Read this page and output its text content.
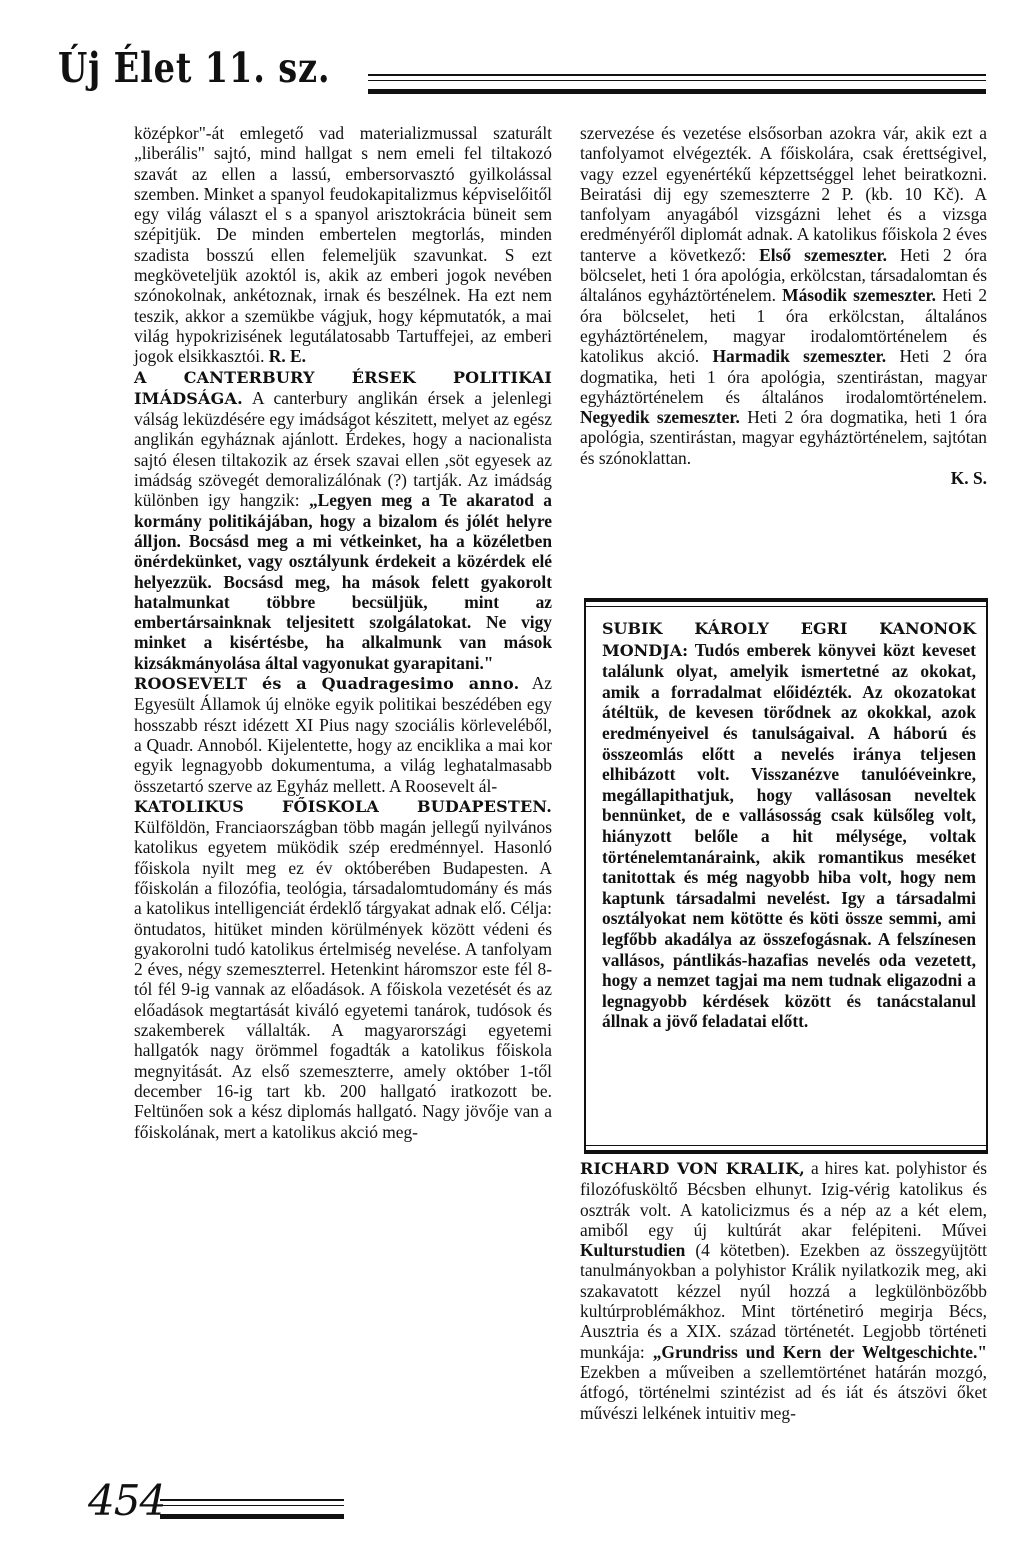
Új Élet 11. sz.

középkor"-át emlegető vad materializmussal szaturált „liberális" sajtó, mind hallgat s nem emeli fel tiltakozó szavát az ellen a lassú, embersorvasztó gyilkolással szemben. Minket a spanyol feudokapitalizmus képviselőitől egy világ választ el s a spanyol arisztokrácia büneit sem szépitjük. De minden embertelen megtorlás, minden szadista bosszú ellen felemeljük szavunkat. S ezt megköveteljük azoktól is, akik az emberi jogok nevében szónokolnak, ankétoznak, irnak és beszélnek. Ha ezt nem teszik, akkor a szemükbe vágjuk, hogy képmutatók, a mai világ hypokrizisének legutálatosabb Tartuffejei, az emberi jogok elsikkasztói. R. E.

A CANTERBURY ÉRSEK POLITIKAI IMÁDSÁGA. A canterbury anglikán érsek a jelenlegi válság leküzdésére egy imádságot készitett, melyet az egész anglikán egyháznak ajánlott. Érdekes, hogy a nacionalista sajtó élesen tiltakozik az érsek szavai ellen ,söt egyesek az imádság szövegét demoralizálónak (?) tartják. Az imádság különben igy hangzik: „Legyen meg a Te akaratod a kormány politikájában, hogy a bizalom és jólét helyre álljon. Bocsásd meg a mi vétkeinket, ha a közéletben önérdekünket, vagy osztályunk érdekeit a közérdek elé helyezzük. Bocsásd meg, ha mások felett gyakorolt hatalmunkat többre becsüljük, mint az embertársainknak teljesitett szolgálatokat. Ne vigy minket a kisértésbe, ha alkalmunk van mások kizsákmányolása által vagyonukat gyarapitani."

ROOSEVELT és a Quadragesimo anno. Az Egyesült Államok új elnöke egyik politikai beszédében egy hosszabb részt idézett XI Pius nagy szociális körleveléből, a Quadr. Annoból. Kijelentette, hogy az enciklika a mai kor egyik legnagyobb dokumentuma, a világ leghatalmasabb összetartó szerve az Egyház mellett. A Roosevelt ál-

KATOLIKUS FŐISKOLA BUDAPESTEN. Külföldön, Franciaországban több magán jellegű nyilvános katolikus egyetem müködik szép eredménnyel. Hasonló főiskola nyilt meg ez év októberében Budapesten. A főiskolán a filozófia, teológia, társadalomtudomány és más a katolikus intelligenciát érdeklő tárgyakat adnak elő. Célja: öntudatos, hitüket minden körülmények között védeni és gyakorolni tudó katolikus értelmiség nevelése. A tanfolyam 2 éves, négy szemeszterrel. Hetenkint háromszor este fél 8-tól fél 9-ig vannak az előadások. A főiskola vezetését és az előadások megtartását kiváló egyetemi tanárok, tudósok és szakemberek vállalták. A magyarországi egyetemi hallgatók nagy örömmel fogadták a katolikus főiskola megnyitását. Az első szemeszterre, amely október 1-től december 16-ig tart kb. 200 hallgató iratkozott be. Feltünően sok a kész diplomás hallgató. Nagy jövője van a főiskolának, mert a katolikus akció meg-

szervezése és vezetése elsősorban azokra vár, akik ezt a tanfolyamot elvégezték. A főiskolára, csak érettségivel, vagy ezzel egyenértékű képzettséggel lehet beiratkozni. Beiratási dij egy szemeszterre 2 P. (kb. 10 Kč). A tanfolyam anyagából vizsgázni lehet és a vizsga eredményéről diplomát adnak. A katolikus főiskola 2 éves tanterve a következő: Első szemeszter. Heti 2 óra bölcselet, heti 1 óra apológia, erkölcstan, társadalomtan és általános egyháztörténelem. Második szemeszter. Heti 2 óra bölcselet, heti 1 óra erkölcstan, általános egyháztörténelem, magyar irodalomtörténelem és katolikus akció. Harmadik szemeszter. Heti 2 óra dogmatika, heti 1 óra apológia, szentirástan, magyar egyháztörténelem és általános irodalomtörténelem. Negyedik szemeszter. Heti 2 óra dogmatika, heti 1 óra apológia, szentirástan, magyar egyháztörténelem, sajtótan és szónoklattan.

K. S.

SUBIK KÁROLY EGRI KANONOK MONDJA: Tudós emberek könyvei közt keveset találunk olyat, amelyik ismertetné az okokat, amik a forradalmat előidézték. Az okozatokat átéltük, de kevesen törődnek az okokkal, azok eredményeivel és tanulságaival. A háború és összeomlás előtt a nevelés iránya teljesen elhibázott volt. Visszanézve tanulóéveinkre, megállapithatjuk, hogy vallásosan neveltek bennünket, de e vallásosság csak külsőleg volt, hiányzott belőle a hit mélysége, voltak történelemtanáraink, akik romantikus meséket tanitottak és még nagyobb hiba volt, hogy nem kaptunk társadalmi nevelést. Igy a társadalmi osztályokat nem kötötte és köti össze semmi, ami legfőbb akadálya az összefogásnak. A felszínesen vallásos, pántlikás-hazafias nevelés oda vezetett, hogy a nemzet tagjai ma nem tudnak eligazodni a legnagyobb kérdések között és tanácstalanul állnak a jövő feladatai előtt.

RICHARD VON KRALIK, a hires kat. polyhistor és filozófusköltő Bécsben elhunyt. Izig-vérig katolikus és osztrák volt. A katolicizmus és a nép az a két elem, amiből egy új kultúrát akar felépiteni. Művei Kulturstudien (4 kötetben). Ezekben az összegyüjtött tanulmányokban a polyhistor Králik nyilatkozik meg, aki szakavatott kézzel nyúl hozzá a legkülönbözőbb kultúrproblémákhoz. Mint történetiró megirja Bécs, Ausztria és a XIX. század történetét. Legjobb történeti munkája: „Grundriss und Kern der Weltgeschichte." Ezekben a műveiben a szellemtörténet határán mozgó, átfogó, történelmi szintézist ad és iát és átszövi őket művészi lelkének intuitiv meg-

454
